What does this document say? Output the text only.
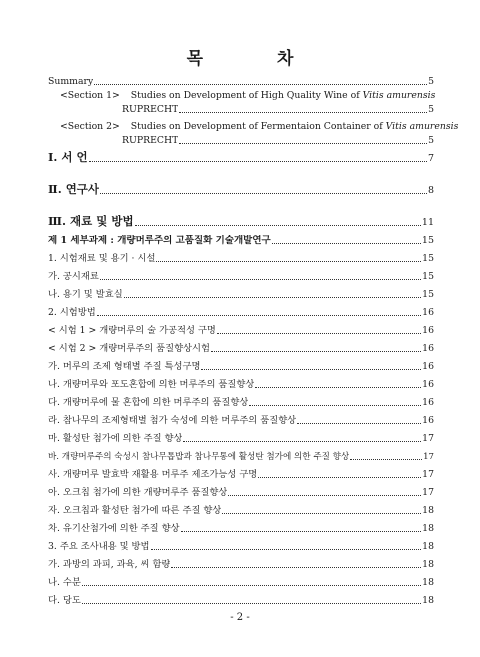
목 차
Summary	5
<Section 1> Studies on Development of High Quality Wine of Vitis amurensis
RUPRECHT	5
<Section 2> Studies on Development of Fermentaion Container of Vitis amurensis
RUPRECHT	5
Ⅰ. 서 언	7
Ⅱ. 연구사	8
Ⅲ. 재료 및 방법	11
제 1 세부과제 : 개량머루주의 고품질화 기술개발연구	15
1. 시험재료 및 용기 · 시설	15
가. 공시재료	15
나. 용기 및 발효실	15
2. 시험방법	16
< 시험 1 > 개량머루의 술 가공적성 구명	16
< 시험 2 > 개량머루주의 품질향상시험	16
가. 머루의 조제 형태별 주질 특성구명	16
나. 개량머루와 포도혼합에 의한 머루주의 품질향상	16
다. 개량머루에 물 혼합에 의한 머루주의 품질향상	16
라. 참나무의 조제형태별 첨가 숙성에 의한 머루주의 품질향상	16
마. 활성탄 첨가에 의한 주질 향상	17
바. 개량머루주의 숙성시 참나무톱밥과 참나무통에 활성탄 첨가에 의한 주질 향상	17
사. 개량머루 발효박 재활용 머루주 제조가능성 구명	17
아. 오크칩 첨가에 의한 개량머루주 품질향상	17
자. 오크칩과 활성탄 첨가에 따른 주질 향상	18
차. 유기산첨가에 의한 주질 향상	18
3. 주요 조사내용 및 방법	18
가. 과방의 과피, 과육, 씨 함량	18
나. 수분	18
다. 당도	18
- 2 -
